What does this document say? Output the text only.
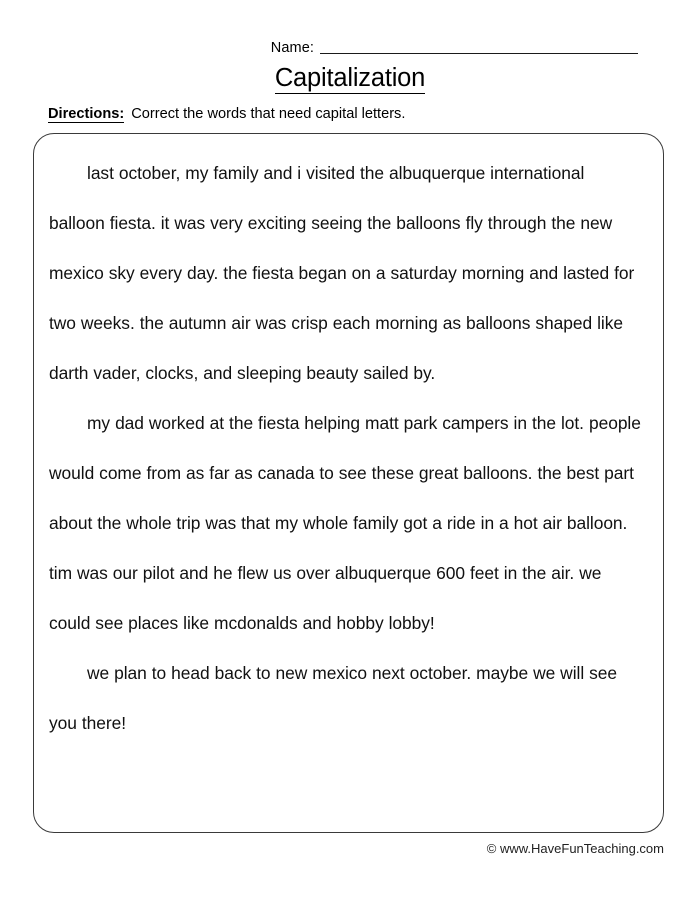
Name:
Capitalization
Directions: Correct the words that need capital letters.

last october, my family and i visited the albuquerque international balloon fiesta. it was very exciting seeing the balloons fly through the new mexico sky every day. the fiesta began on a saturday morning and lasted for two weeks. the autumn air was crisp each morning as balloons shaped like darth vader, clocks, and sleeping beauty sailed by.

my dad worked at the fiesta helping matt park campers in the lot. people would come from as far as canada to see these great balloons. the best part about the whole trip was that my whole family got a ride in a hot air balloon. tim was our pilot and he flew us over albuquerque 600 feet in the air. we could see places like mcdonalds and hobby lobby!

we plan to head back to new mexico next october. maybe we will see you there!

© www.HaveFunTeaching.com
